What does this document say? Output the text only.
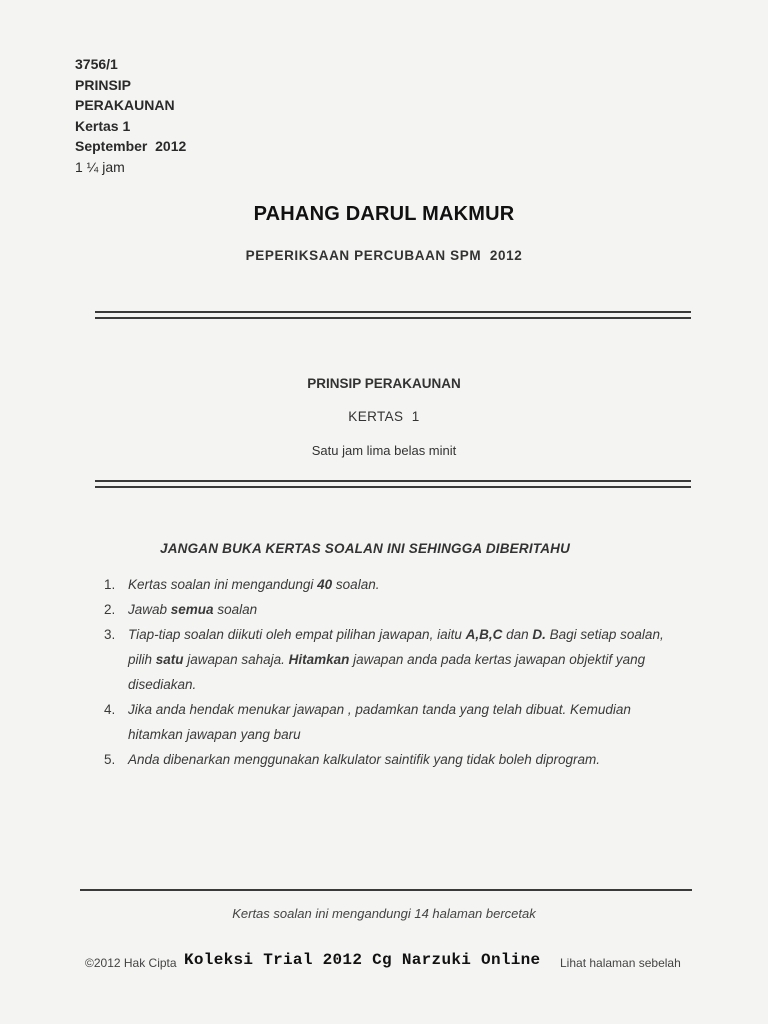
3756/1
PRINSIP
PERAKAUNAN
Kertas 1
September  2012
1 ¼ jam
PAHANG DARUL MAKMUR
PEPERIKSAAN PERCUBAAN SPM  2012
PRINSIP PERAKAUNAN
KERTAS  1
Satu jam lima belas minit
JANGAN BUKA KERTAS SOALAN INI SEHINGGA DIBERITAHU
1. Kertas soalan ini mengandungi 40 soalan.
2. Jawab semua soalan
3. Tiap-tiap soalan diikuti oleh empat pilihan jawapan, iaitu A,B,C dan D. Bagi setiap soalan, pilih satu jawapan sahaja. Hitamkan jawapan anda pada kertas jawapan objektif yang disediakan.
4. Jika anda hendak menukar jawapan , padamkan tanda yang telah dibuat. Kemudian hitamkan jawapan yang baru
5. Anda dibenarkan menggunakan kalkulator saintifik yang tidak boleh diprogram.
Kertas soalan ini mengandungi 14 halaman bercetak
©2012 Hak Cipta	Lihat halaman sebelah
Koleksi Trial 2012 Cg Narzuki Online
